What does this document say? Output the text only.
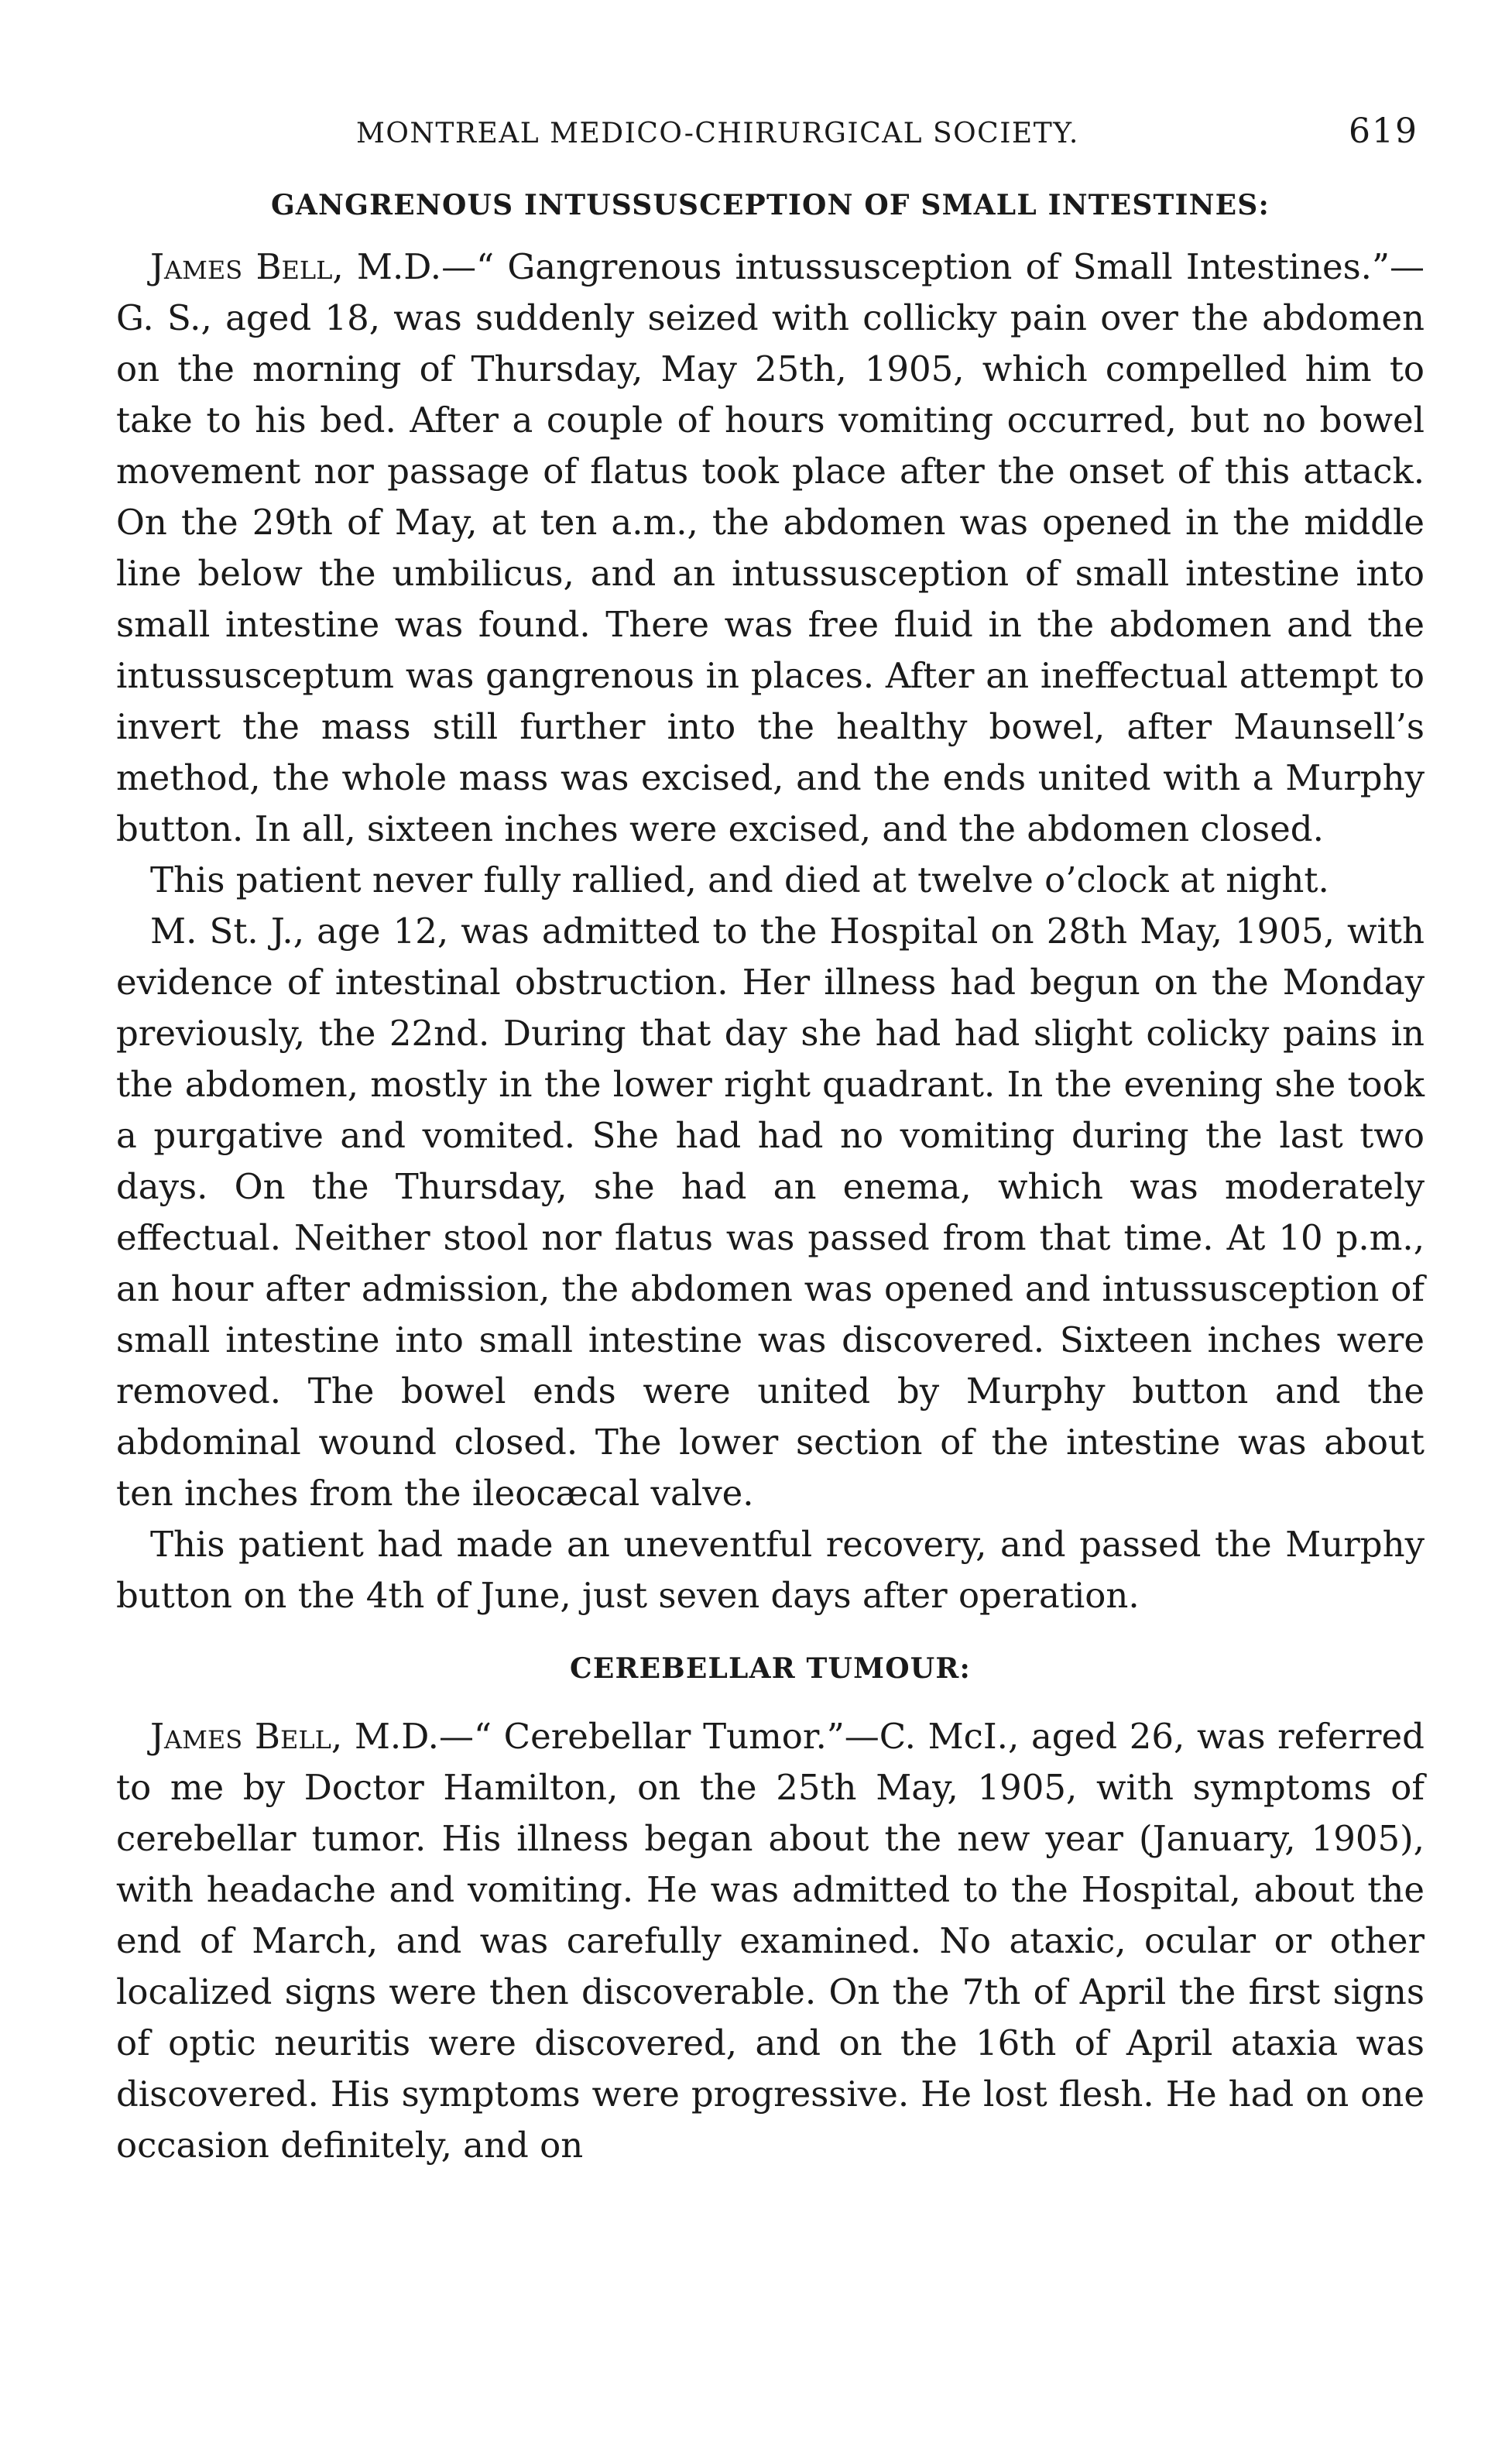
MONTREAL MEDICO-CHIRURGICAL SOCIETY.	619
GANGRENOUS INTUSSUSCEPTION OF SMALL INTESTINES:

James Bell, M.D.—“ Gangrenous intussusception of Small Intestines.”—G. S., aged 18, was suddenly seized with collicky pain over the abdomen on the morning of Thursday, May 25th, 1905, which compelled him to take to his bed. After a couple of hours vomiting occurred, but no bowel movement nor passage of flatus took place after the onset of this attack. On the 29th of May, at ten a.m., the abdomen was opened in the middle line below the umbilicus, and an intussusception of small intestine into small intestine was found. There was free fluid in the abdomen and the intussusceptum was gangrenous in places. After an ineffectual attempt to invert the mass still further into the healthy bowel, after Maunsell’s method, the whole mass was excised, and the ends united with a Murphy button. In all, sixteen inches were excised, and the abdomen closed.

This patient never fully rallied, and died at twelve o’clock at night.

M. St. J., age 12, was admitted to the Hospital on 28th May, 1905, with evidence of intestinal obstruction. Her illness had begun on the Monday previously, the 22nd. During that day she had had slight colicky pains in the abdomen, mostly in the lower right quadrant. In the evening she took a purgative and vomited. She had had no vomiting during the last two days. On the Thursday, she had an enema, which was moderately effectual. Neither stool nor flatus was passed from that time. At 10 p.m., an hour after admission, the abdomen was opened and intussusception of small intestine into small intestine was discovered. Sixteen inches were removed. The bowel ends were united by Murphy button and the abdominal wound closed. The lower section of the intestine was about ten inches from the ileocæcal valve.

This patient had made an uneventful recovery, and passed the Murphy button on the 4th of June, just seven days after operation.

CEREBELLAR TUMOUR:

James Bell, M.D.—“ Cerebellar Tumor.”—C. McI., aged 26, was referred to me by Doctor Hamilton, on the 25th May, 1905, with symptoms of cerebellar tumor. His illness began about the new year (January, 1905), with headache and vomiting. He was admitted to the Hospital, about the end of March, and was carefully examined. No ataxic, ocular or other localized signs were then discoverable. On the 7th of April the first signs of optic neuritis were discovered, and on the 16th of April ataxia was discovered. His symptoms were progressive. He lost flesh. He had on one occasion definitely, and on
